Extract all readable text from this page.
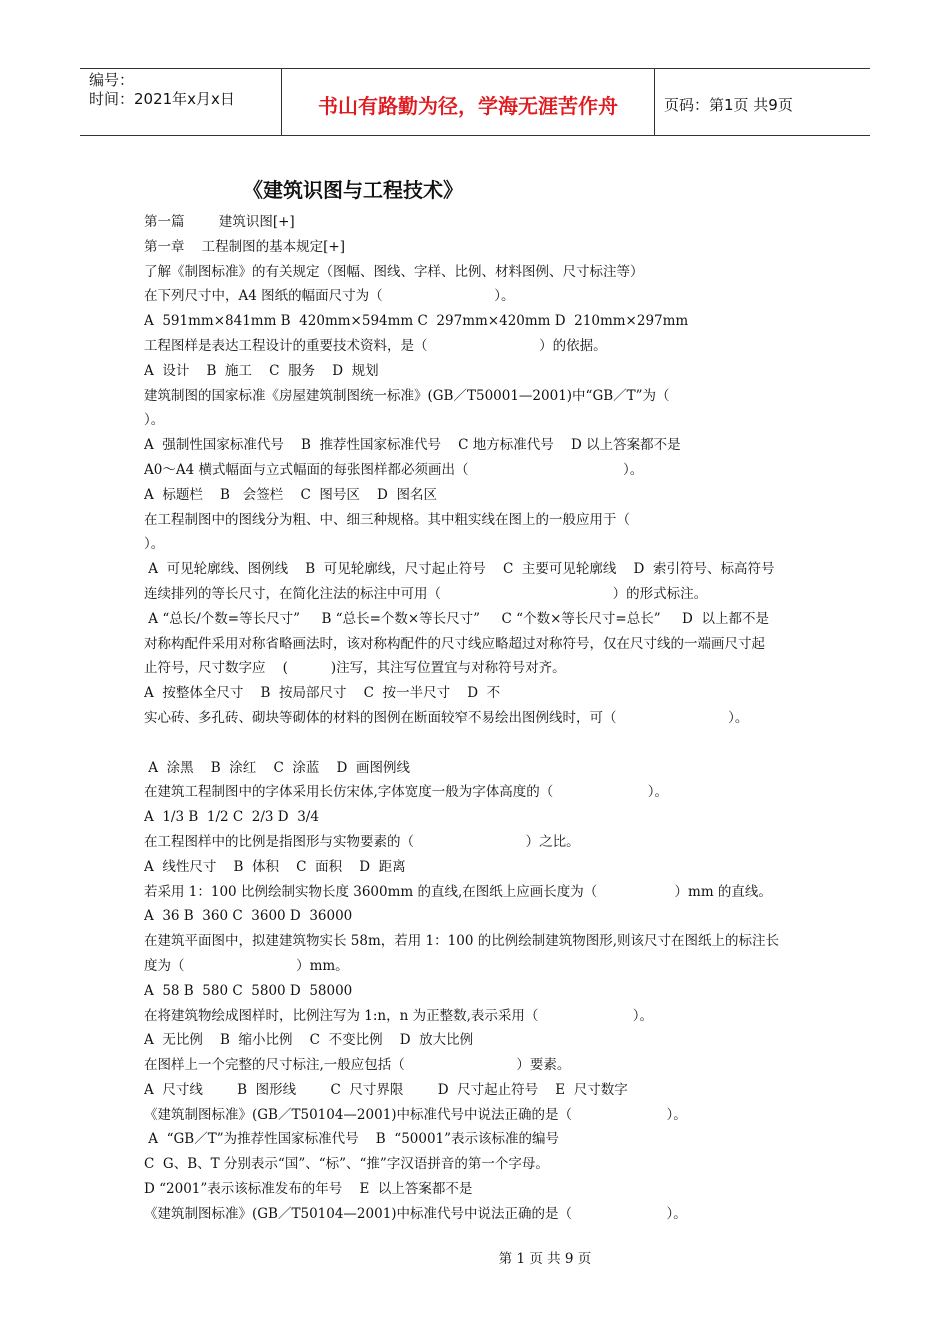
编号：
时间：2021年x月x日	书山有路勤为径，学海无涯苦作舟	页码：第1页 共9页
《建筑识图与工程技术》
第一篇        建筑识图[+]
第一章    工程制图的基本规定[+]
了解《制图标准》的有关规定（图幅、图线、字样、比例、材料图例、尺寸标注等）
在下列尺寸中，A4 图纸的幅面尺寸为（                          ）。
A  591mm×841mm B  420mm×594mm C  297mm×420mm D  210mm×297mm
工程图样是表达工程设计的重要技术资料，是（                          ）的依据。
A  设计    B  施工    C  服务    D  规划
建筑制图的国家标准《房屋建筑制图统一标准》(GB／T50001—2001)中“GB／T”为（
）。
A  强制性国家标准代号    B  推荐性国家标准代号    C 地方标准代号    D 以上答案都不是
A0～A4 横式幅面与立式幅面的每张图样都必须画出（                                    ）。
A  标题栏    B   会签栏    C  图号区    D  图名区
在工程制图中的图线分为粗、中、细三种规格。其中粗实线在图上的一般应用于（
）。
A  可见轮廓线、图例线    B  可见轮廓线，尺寸起止符号    C  主要可见轮廓线    D  索引符号、标高符号
连续排列的等长尺寸，在简化注法的标注中可用（                                        ）的形式标注。
A “总长/个数=等长尺寸”     B “总长=个数×等长尺寸”     C “个数×等长尺寸=总长”     D  以上都不是
对称构配件采用对称省略画法时，该对称构配件的尺寸线应略超过对称符号，仅在尺寸线的一端画尺寸起
止符号，尺寸数字应    (          )注写，其注写位置宜与对称符号对齐。
A  按整体全尺寸    B  按局部尺寸    C  按一半尺寸    D  不
实心砖、多孔砖、砌块等砌体的材料的图例在断面较窄不易绘出图例线时，可（                          ）。
A  涂黑    B  涂红    C  涂蓝    D  画图例线
在建筑工程制图中的字体采用长仿宋体,字体宽度一般为字体高度的（                      ）。
A  1/3 B  1/2 C  2/3 D  3/4
在工程图样中的比例是指图形与实物要素的（                          ）之比。
A  线性尺寸    B  体积    C  面积    D  距离
若采用 1：100 比例绘制实物长度 3600mm 的直线,在图纸上应画长度为（                  ）mm 的直线。
A  36 B  360 C  3600 D  36000
在建筑平面图中，拟建建筑物实长 58m，若用 1：100 的比例绘制建筑物图形,则该尺寸在图纸上的标注长
度为（                          ）mm。
A  58 B  580 C  5800 D  58000
在将建筑物绘成图样时，比例注写为 1:n，n 为正整数,表示采用（                      ）。
A  无比例    B  缩小比例    C  不变比例    D  放大比例
在图样上一个完整的尺寸标注,一般应包括（                          ）要素。
A  尺寸线        B  图形线        C  尺寸界限        D  尺寸起止符号    E  尺寸数字
《建筑制图标准》(GB／T50104—2001)中标准代号中说法正确的是（                      ）。
A  “GB／T”为推荐性国家标准代号    B  “50001”表示该标准的编号
C  G、B、T 分别表示“国”、“标”、“推”字汉语拼音的第一个字母。
D “2001”表示该标准发布的年号    E  以上答案都不是
《建筑制图标准》(GB／T50104—2001)中标准代号中说法正确的是（                      ）。
第 1 页 共 9 页
